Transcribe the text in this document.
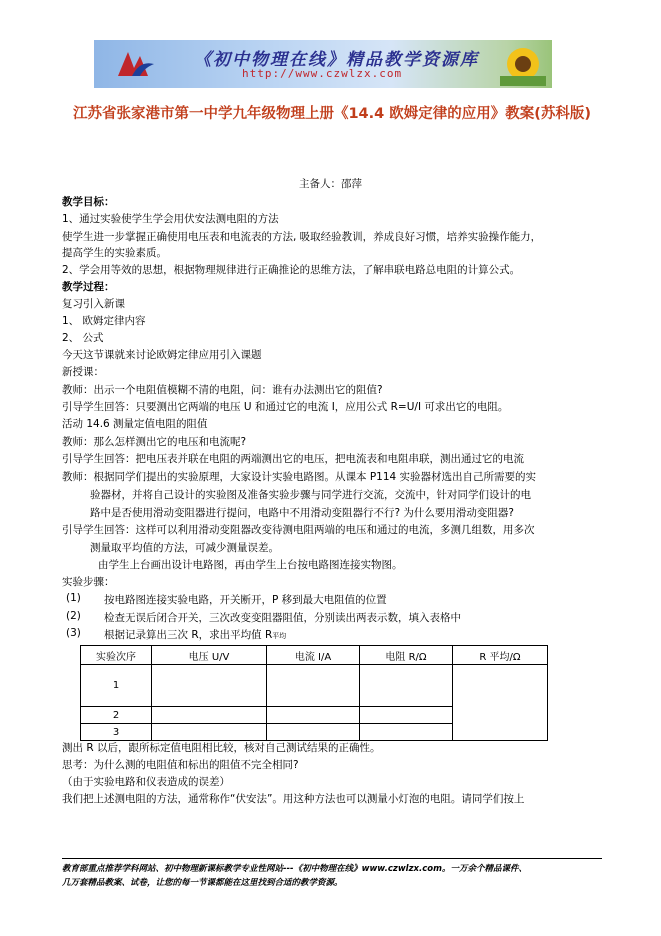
《初中物理在线》精品教学资源库
http://www.czwlzx.com
江苏省张家港市第一中学九年级物理上册《14.4 欧姆定律的应用》教案(苏科版)
主备人：邵萍
教学目标：
1、通过实验使学生学会用伏安法测电阻的方法
使学生进一步掌握正确使用电压表和电流表的方法, 吸取经验教训，养成良好习惯，培养实验操作能力，
提高学生的实验素质。
2、学会用等效的思想，根据物理规律进行正确推论的思维方法，了解串联电路总电阻的计算公式。
教学过程：
复习引入新课
1、 欧姆定律内容
2、 公式
今天这节课就来讨论欧姆定律应用引入课题
新授课：
教师：出示一个电阻值模糊不清的电阻，问：谁有办法测出它的阻值?
引导学生回答：只要测出它两端的电压 U 和通过它的电流 I，应用公式 R=U/I 可求出它的电阻。
活动 14.6 测量定值电阻的阻值
教师：那么怎样测出它的电压和电流呢?
引导学生回答：把电压表并联在电阻的两端测出它的电压，把电流表和电阻串联，测出通过它的电流
教师：根据同学们提出的实验原理，大家设计实验电路图。从课本 P114 实验器材选出自己所需要的实
验器材，并将自己设计的实验图及准备实验步骤与同学进行交流，交流中，针对同学们设计的电
路中是否使用滑动变阻器进行提问，电路中不用滑动变阻器行不行? 为什么要用滑动变阻器?
引导学生回答：这样可以利用滑动变阻器改变待测电阻两端的电压和通过的电流，多测几组数，用多次
测量取平均值的方法，可减少测量误差。
由学生上台画出设计电路图，再由学生上台按电路图连接实物图。
实验步骤：
(1) 按电路图连接实验电路，开关断开，P 移到最大电阻值的位置
(2) 检查无误后闭合开关，三次改变变阻器阻值，分别读出两表示数，填入表格中
(3) 根据记录算出三次 R，求出平均值 R平均
实验次序	电压 U/V	电流 I/A	电阻 R/Ω	R 平均/Ω
1				
2				
3				
测出 R 以后，跟所标定值电阻相比较，核对自己测试结果的正确性。
思考：为什么测的电阻值和标出的阻值不完全相同?
（由于实验电路和仪表造成的误差）
我们把上述测电阻的方法，通常称作“伏安法”。用这种方法也可以测量小灯泡的电阻。请同学们按上
教育部重点推荐学科网站、初中物理新课标教学专业性网站---《初中物理在线》www.czwlzx.com。一万余个精品课件、
几万套精品教案、试卷，让您的每一节课都能在这里找到合适的教学资源。
